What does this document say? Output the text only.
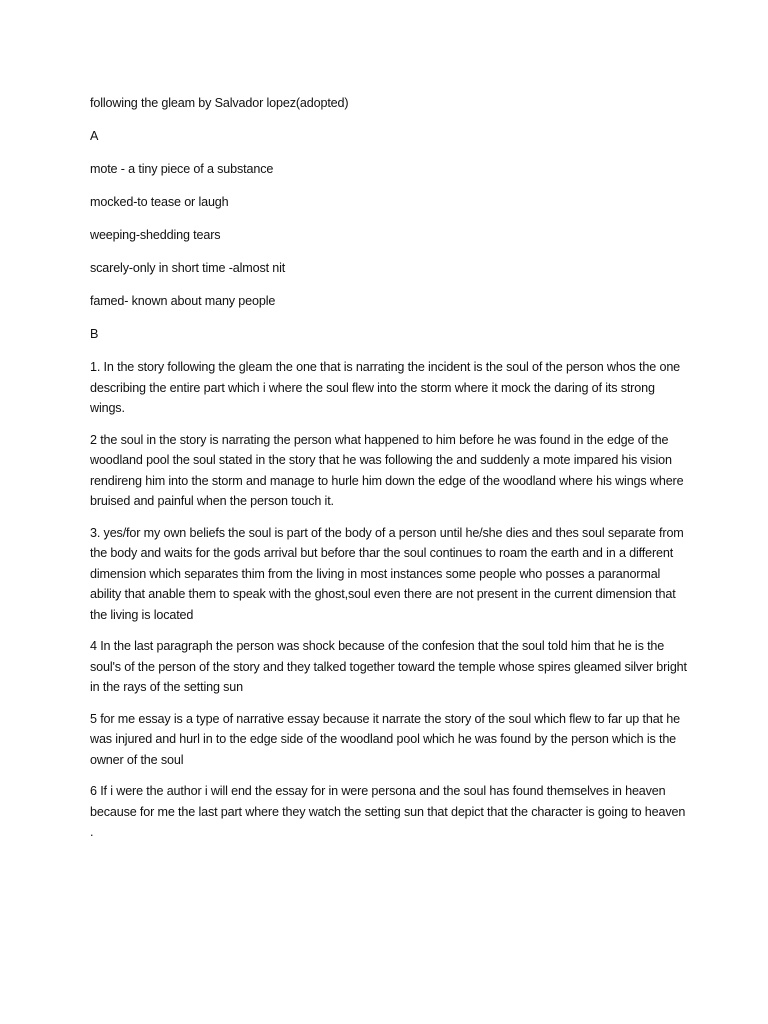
following the gleam by Salvador lopez(adopted)

A

mote - a tiny piece of a substance

mocked-to tease or laugh

weeping-shedding tears

scarely-only in short time -almost nit

famed- known about many people

B

1. In the story following the gleam the one that is narrating the incident is the soul of the person whos the one describing the entire part which i where the soul flew into the storm where it mock the daring of its strong wings.

2 the soul in the story is narrating the person what happened to him before he was found in the edge of the woodland pool the soul stated in the story that he was following the and suddenly a mote impared his vision rendireng him into the storm and manage to hurle him down the edge of the woodland where his wings where bruised and painful when the person touch it.

3. yes/for my own beliefs the soul is part of the body of a person until he/she dies and thes soul separate from the body and waits for the gods arrival but before thar the soul continues to roam the earth and in a different dimension which separates thim from the living in most instances some people who posses a paranormal ability that anable them to speak with the ghost,soul even there are not present in the current dimension that the living is located

4 In the last paragraph the person was shock because of the confesion that the soul told him that he is the soul's of the person of the story and they talked together toward the temple whose spires gleamed silver bright in the rays of the setting sun

5 for me essay is a type of narrative essay because it narrate the story of the soul which flew to far up that he was injured and hurl in to the edge side of the woodland pool which he was found by the person which is the owner of the soul

6 If i were the author i will end the essay for in were persona and the soul has found themselves in heaven because for me the last part where they watch the setting sun that depict that the character is going to heaven .
